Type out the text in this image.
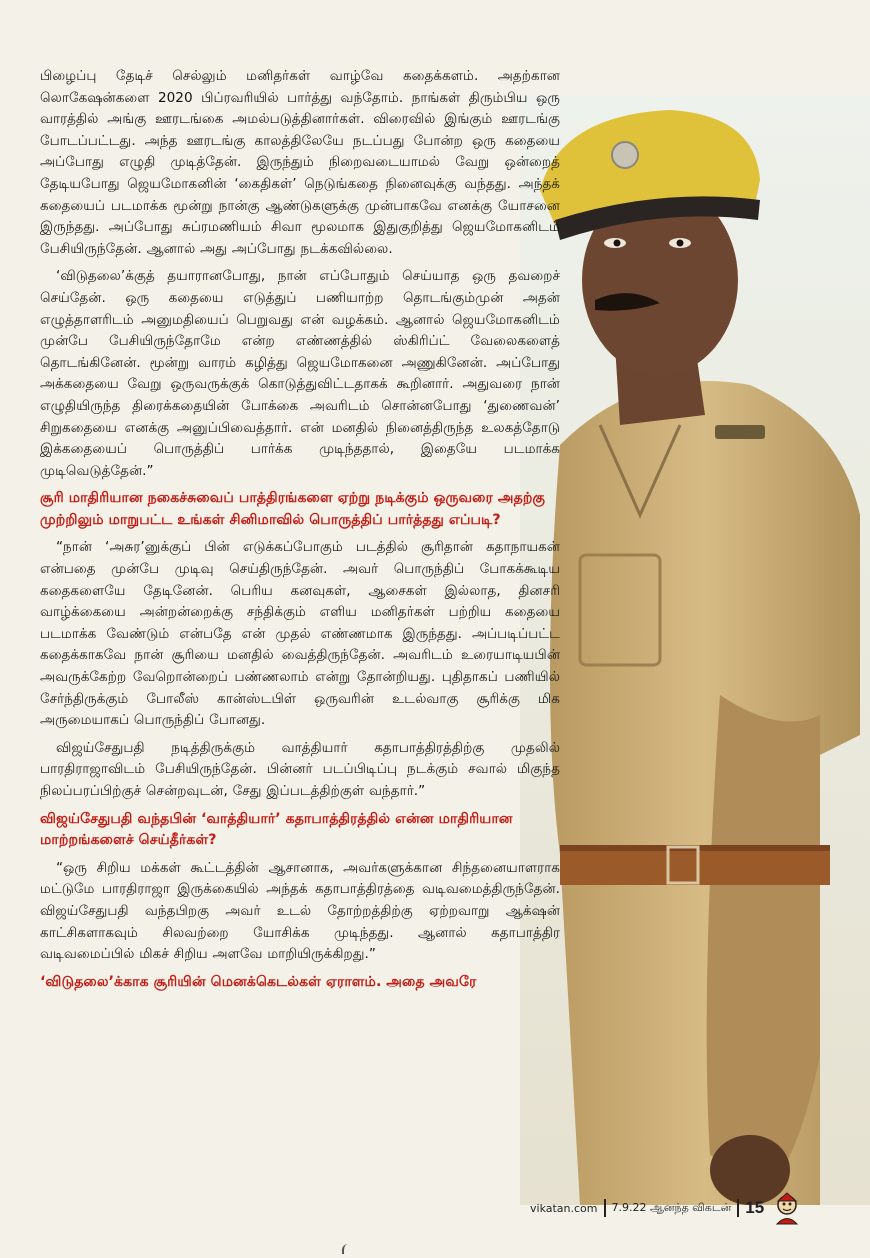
பிழைப்பு தேடிச் செல்லும் மனிதர்கள் வாழ்வே கதைக்களம். அதற்கான லொகேஷன்களை 2020 பிப்ரவரியில் பார்த்து வந்தோம். நாங்கள் திரும்பிய ஒரு வாரத்தில் அங்கு ஊரடங்கை அமல்படுத்தினார்கள். விரைவில் இங்கும் ஊரடங்கு போடப்பட்டது. அந்த ஊரடங்கு காலத்திலேயே நடப்பது போன்ற ஒரு கதையை அப்போது எழுதி முடித்தேன். இருந்தும் நிறைவடையாமல் வேறு ஒன்றைத் தேடியபோது ஜெயமோகனின் ‘கைதிகள்’ நெடுங்கதை நினைவுக்கு வந்தது. அந்தக் கதையைப் படமாக்க மூன்று நான்கு ஆண்டுகளுக்கு முன்பாகவே எனக்கு யோசனை இருந்தது. அப்போது சுப்ரமணியம் சிவா மூலமாக இதுகுறித்து ஜெயமோகனிடம் பேசியிருந்தேன். ஆனால் அது அப்போது நடக்கவில்லை.

‘விடுதலை’க்குத் தயாரானபோது, நான் எப்போதும் செய்யாத ஒரு தவறைச் செய்தேன். ஒரு கதையை எடுத்துப் பணியாற்ற தொடங்கும்முன் அதன் எழுத்தாளரிடம் அனுமதியைப் பெறுவது என் வழக்கம். ஆனால் ஜெயமோகனிடம் முன்பே பேசியிருந்தோமே என்ற எண்ணத்தில் ஸ்கிரிப்ட் வேலைகளைத் தொடங்கினேன். மூன்று வாரம் கழித்து ஜெயமோகனை அணுகினேன். அப்போது அக்கதையை வேறு ஒருவருக்குக் கொடுத்துவிட்டதாகக் கூறினார். அதுவரை நான் எழுதியிருந்த திரைக்கதையின் போக்கை அவரிடம் சொன்னபோது ‘துணைவன்’ சிறுகதையை எனக்கு அனுப்பிவைத்தார். என் மனதில் நினைத்திருந்த உலகத்தோடு இக்கதையைப் பொருத்திப் பார்க்க முடிந்ததால், இதையே படமாக்க முடிவெடுத்தேன்.”

சூரி மாதிரியான நகைச்சுவைப் பாத்திரங்களை ஏற்று நடிக்கும் ஒருவரை அதற்கு முற்றிலும் மாறுபட்ட உங்கள் சினிமாவில் பொருத்திப் பார்த்தது எப்படி?

“நான் ‘அசுர’னுக்குப் பின் எடுக்கப்போகும் படத்தில் சூரிதான் கதாநாயகன் என்பதை முன்பே முடிவு செய்திருந்தேன். அவர் பொருந்திப் போகக்கூடிய கதைகளையே தேடினேன். பெரிய கனவுகள், ஆசைகள் இல்லாத, தினசரி வாழ்க்கையை அன்றன்றைக்கு சந்திக்கும் எளிய மனிதர்கள் பற்றிய கதையை படமாக்க வேண்டும் என்பதே என் முதல் எண்ணமாக இருந்தது. அப்படிப்பட்ட கதைக்காகவே நான் சூரியை மனதில் வைத்திருந்தேன். அவரிடம் உரையாடியபின் அவருக்கேற்ற வேறொன்றைப் பண்ணலாம் என்று தோன்றியது. புதிதாகப் பணியில் சேர்ந்திருக்கும் போலீஸ் கான்ஸ்டபிள் ஒருவரின் உடல்வாகு சூரிக்கு மிக அருமையாகப் பொருந்திப் போனது.

விஜய்சேதுபதி நடித்திருக்கும் வாத்தியார் கதாபாத்திரத்திற்கு முதலில் பாரதிராஜாவிடம் பேசியிருந்தேன். பின்னர் படப்பிடிப்பு நடக்கும் சவால் மிகுந்த நிலப்பரப்பிற்குச் சென்றவுடன், சேது இப்படத்திற்குள் வந்தார்.”

விஜய்சேதுபதி வந்தபின் ‘வாத்தியார்’ கதாபாத்திரத்தில் என்ன மாதிரியான மாற்றங்களைச் செய்தீர்கள்?

“ஒரு சிறிய மக்கள் கூட்டத்தின் ஆசானாக, அவர்களுக்கான சிந்தனையாளராக மட்டுமே பாரதிராஜா இருக்கையில் அந்தக் கதாபாத்திரத்தை வடிவமைத்திருந்தேன். விஜய்சேதுபதி வந்தபிறகு அவர் உடல் தோற்றத்திற்கு ஏற்றவாறு ஆக்‌ஷன் காட்சிகளாகவும் சிலவற்றை யோசிக்க முடிந்தது. ஆனால் கதாபாத்திர வடிவமைப்பில் மிகச் சிறிய அளவே மாறியிருக்கிறது.”

‘விடுதலை’க்காக சூரியின் மெனக்கெடல்கள் ஏராளம். அதை அவரே

vikatan.com 7.9.22 ஆனந்த விகடன் 15
